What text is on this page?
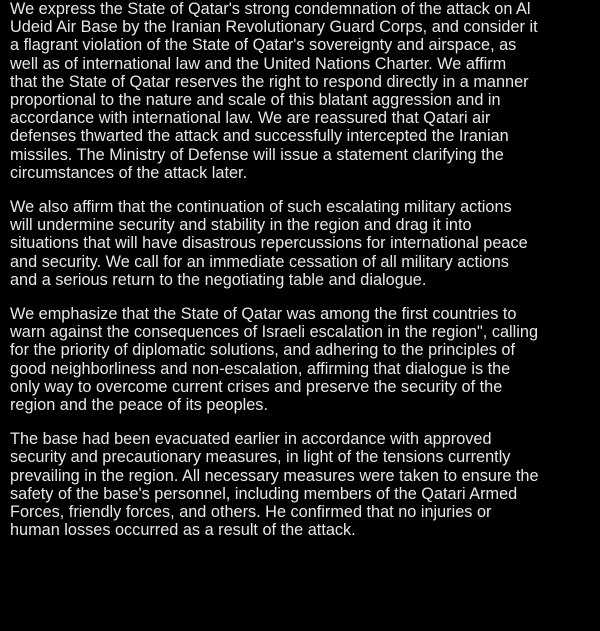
We express the State of Qatar's strong condemnation of the attack on Al
Udeid Air Base by the Iranian Revolutionary Guard Corps, and consider it
a flagrant violation of the State of Qatar's sovereignty and airspace, as
well as of international law and the United Nations Charter. We affirm
that the State of Qatar reserves the right to respond directly in a manner
proportional to the nature and scale of this blatant aggression and in
accordance with international law. We are reassured that Qatari air
defenses thwarted the attack and successfully intercepted the Iranian
missiles. The Ministry of Defense will issue a statement clarifying the
circumstances of the attack later.

We also affirm that the continuation of such escalating military actions
will undermine security and stability in the region and drag it into
situations that will have disastrous repercussions for international peace
and security. We call for an immediate cessation of all military actions
and a serious return to the negotiating table and dialogue.

We emphasize that the State of Qatar was among the first countries to
warn against the consequences of Israeli escalation in the region", calling
for the priority of diplomatic solutions, and adhering to the principles of
good neighborliness and non-escalation, affirming that dialogue is the
only way to overcome current crises and preserve the security of the
region and the peace of its peoples.

The base had been evacuated earlier in accordance with approved
security and precautionary measures, in light of the tensions currently
prevailing in the region. All necessary measures were taken to ensure the
safety of the base's personnel, including members of the Qatari Armed
Forces, friendly forces, and others. He confirmed that no injuries or
human losses occurred as a result of the attack.
